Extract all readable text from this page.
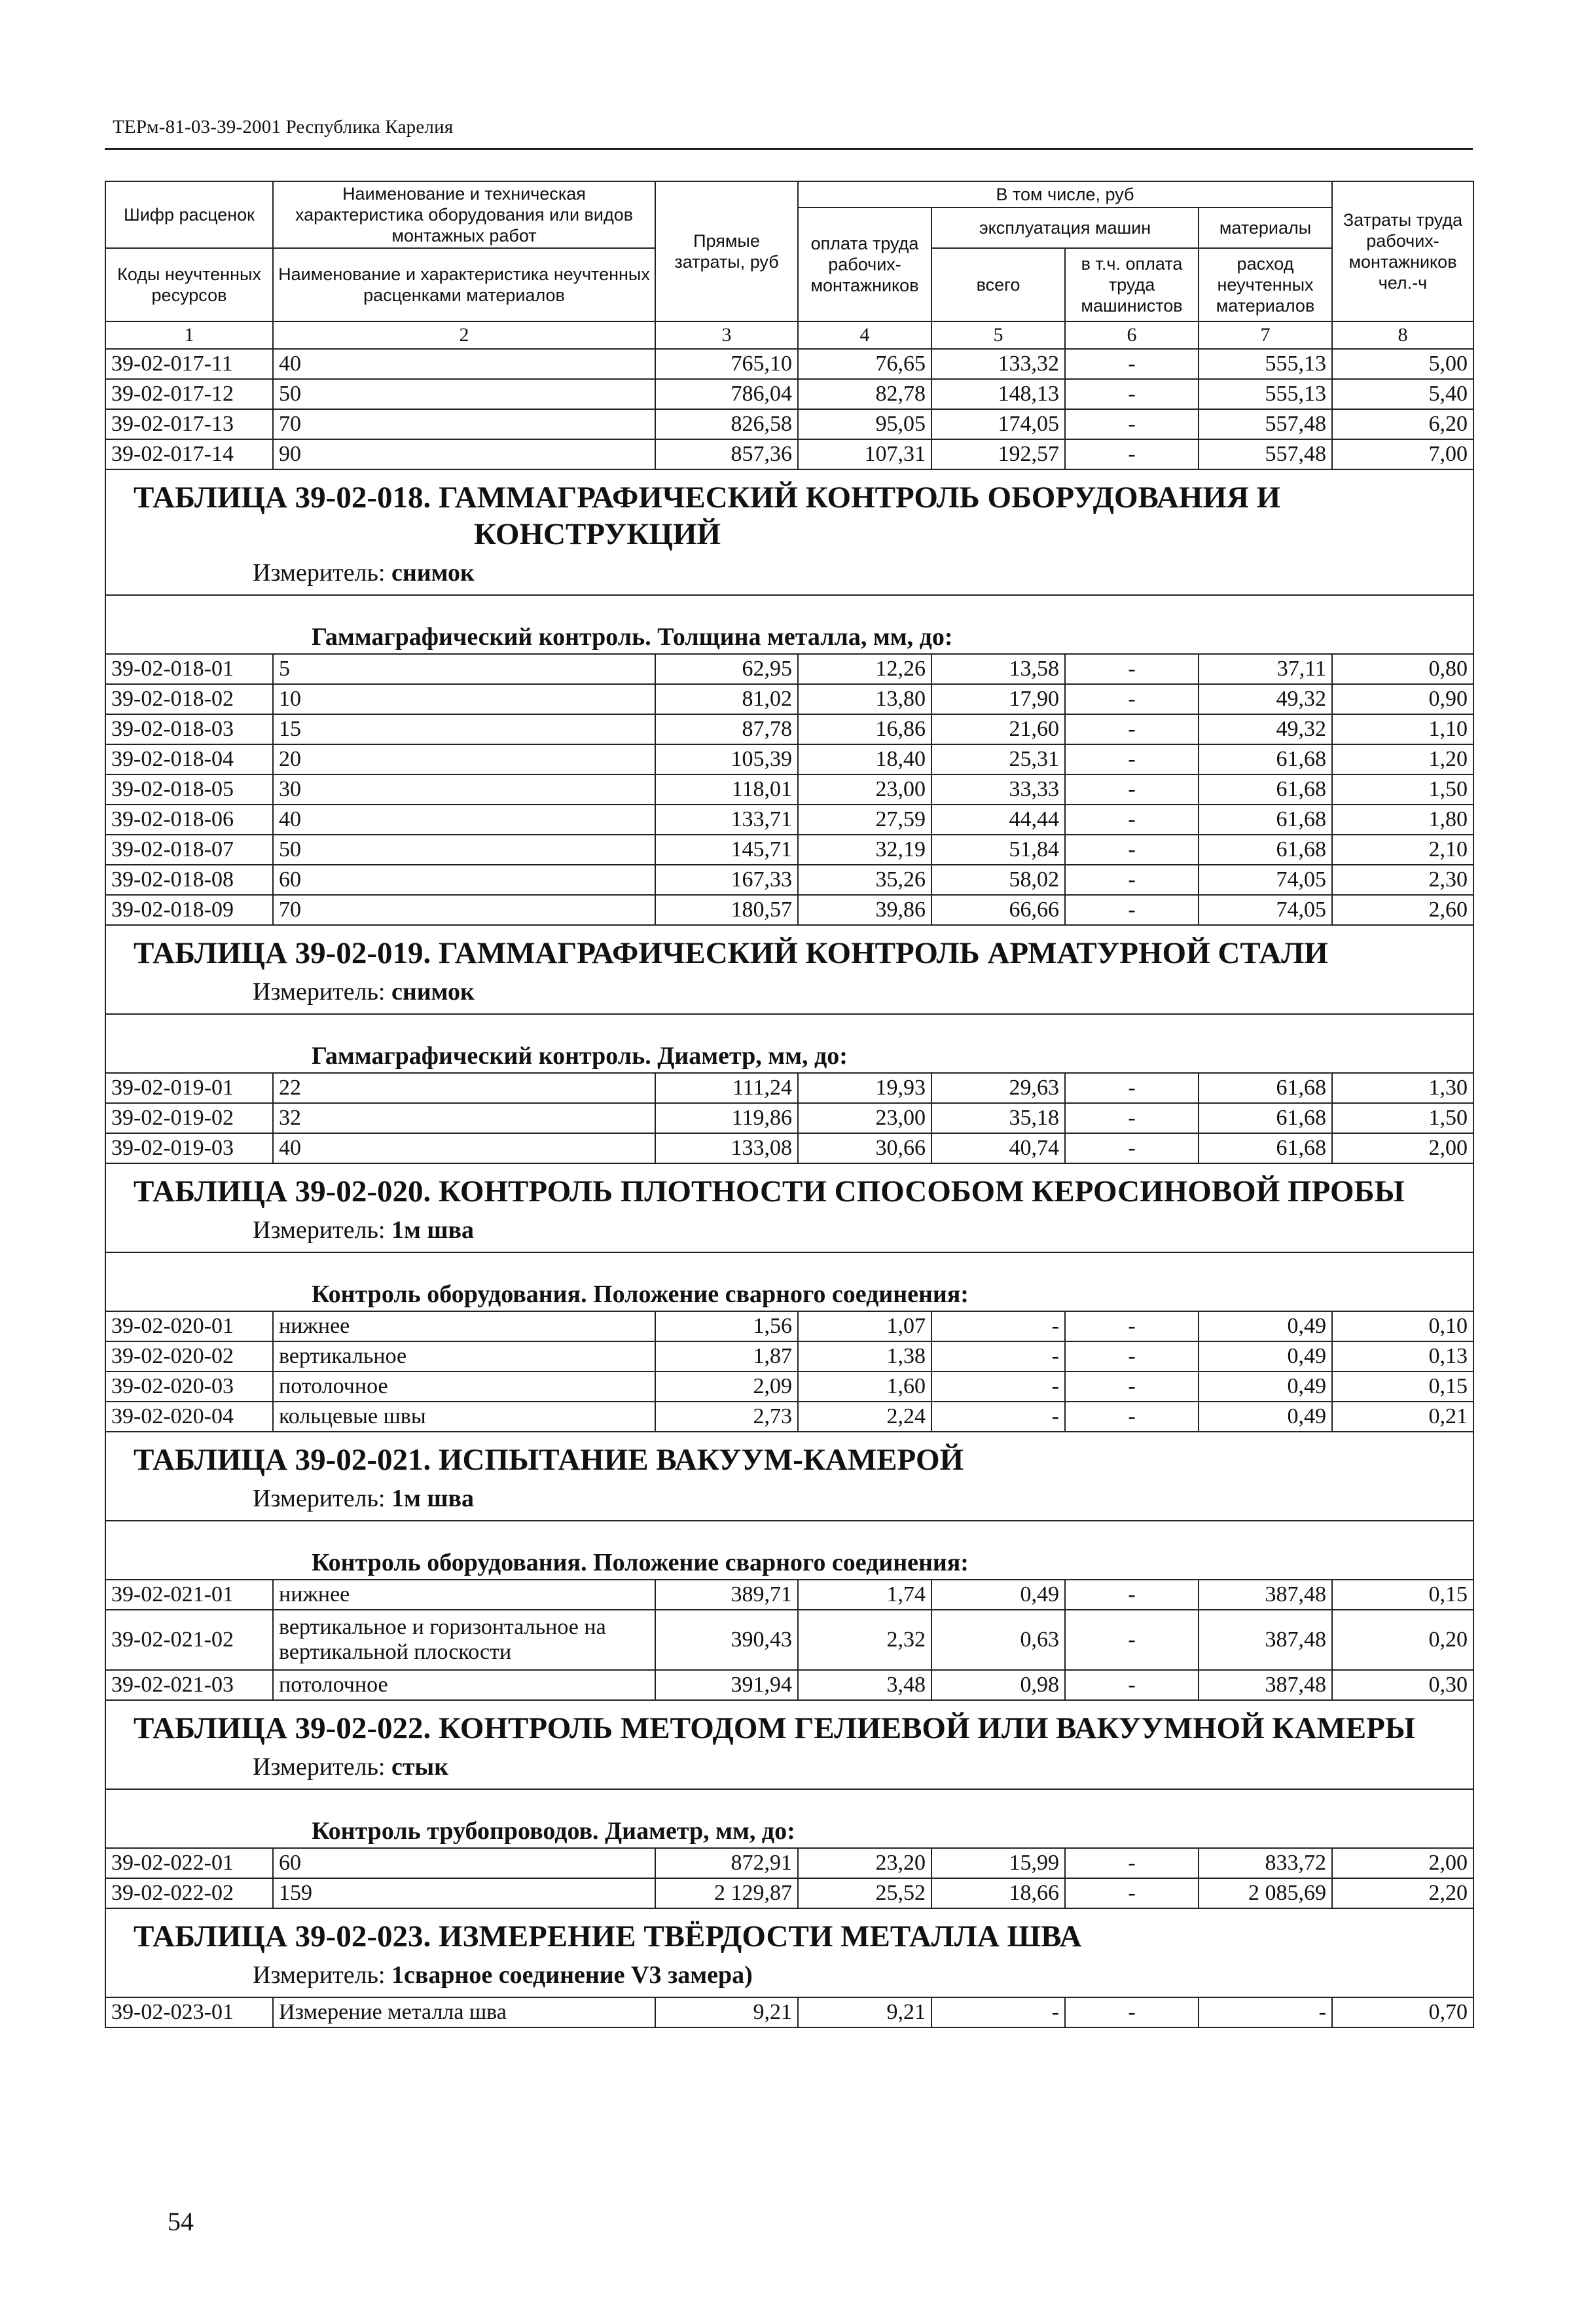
ТЕРм-81-03-39-2001 Республика Карелия
Шифр расценок	Наименование и техническая характеристика оборудования или видов монтажных работ	Прямые затраты, руб	В том числе, руб				Затраты труда рабочих-монтажников чел.-ч
			оплата труда рабочих-монтажников	эксплуатация машин		материалы	
Коды неучтенных ресурсов	Наименование и характеристика неучтенных расценками материалов			всего	в т.ч. оплата труда машинистов	расход неучтенных материалов	

1	2	3	4	5	6	7	8
39-02-017-11	40	765,10	76,65	133,32	-	555,13	5,00
39-02-017-12	50	786,04	82,78	148,13	-	555,13	5,40
39-02-017-13	70	826,58	95,05	174,05	-	557,48	6,20
39-02-017-14	90	857,36	107,31	192,57	-	557,48	7,00

ТАБЛИЦА 39-02-018. ГАММАГРАФИЧЕСКИЙ КОНТРОЛЬ ОБОРУДОВАНИЯ И
КОНСТРУКЦИЙ
Измеритель: снимок
Гаммаграфический контроль. Толщина металла, мм, до:							

39-02-018-01	5	62,95	12,26	13,58	-	37,11	0,80
39-02-018-02	10	81,02	13,80	17,90	-	49,32	0,90
39-02-018-03	15	87,78	16,86	21,60	-	49,32	1,10
39-02-018-04	20	105,39	18,40	25,31	-	61,68	1,20
39-02-018-05	30	118,01	23,00	33,33	-	61,68	1,50
39-02-018-06	40	133,71	27,59	44,44	-	61,68	1,80
39-02-018-07	50	145,71	32,19	51,84	-	61,68	2,10
39-02-018-08	60	167,33	35,26	58,02	-	74,05	2,30
39-02-018-09	70	180,57	39,86	66,66	-	74,05	2,60

ТАБЛИЦА 39-02-019. ГАММАГРАФИЧЕСКИЙ КОНТРОЛЬ АРМАТУРНОЙ СТАЛИ
Измеритель: снимок
Гаммаграфический контроль. Диаметр, мм, до:							

39-02-019-01	22	111,24	19,93	29,63	-	61,68	1,30
39-02-019-02	32	119,86	23,00	35,18	-	61,68	1,50
39-02-019-03	40	133,08	30,66	40,74	-	61,68	2,00

ТАБЛИЦА 39-02-020. КОНТРОЛЬ ПЛОТНОСТИ СПОСОБОМ КЕРОСИНОВОЙ ПРОБЫ
Измеритель: 1м шва
Контроль оборудования. Положение сварного соединения:							

39-02-020-01	нижнее	1,56	1,07	-	-	0,49	0,10
39-02-020-02	вертикальное	1,87	1,38	-	-	0,49	0,13
39-02-020-03	потолочное	2,09	1,60	-	-	0,49	0,15
39-02-020-04	кольцевые швы	2,73	2,24	-	-	0,49	0,21

ТАБЛИЦА 39-02-021. ИСПЫТАНИЕ ВАКУУМ-КАМЕРОЙ
Измеритель: 1м шва
Контроль оборудования. Положение сварного соединения:							

39-02-021-01	нижнее	389,71	1,74	0,49	-	387,48	0,15
39-02-021-02	вертикальное и горизонтальное на вертикальной плоскости	390,43	2,32	0,63	-	387,48	0,20
39-02-021-03	потолочное	391,94	3,48	0,98	-	387,48	0,30

ТАБЛИЦА 39-02-022. КОНТРОЛЬ МЕТОДОМ ГЕЛИЕВОЙ ИЛИ ВАКУУМНОЙ КАМЕРЫ
Измеритель: стык
Контроль трубопроводов. Диаметр, мм, до:							

39-02-022-01	60	872,91	23,20	15,99	-	833,72	2,00
39-02-022-02	159	2 129,87	25,52	18,66	-	2 085,69	2,20

ТАБЛИЦА 39-02-023. ИЗМЕРЕНИЕ ТВЁРДОСТИ МЕТАЛЛА ШВА
Измеритель: 1сварное соединение V3 замера)							

39-02-023-01	Измерение металла шва	9,21	9,21	-	-	-	0,70
54
